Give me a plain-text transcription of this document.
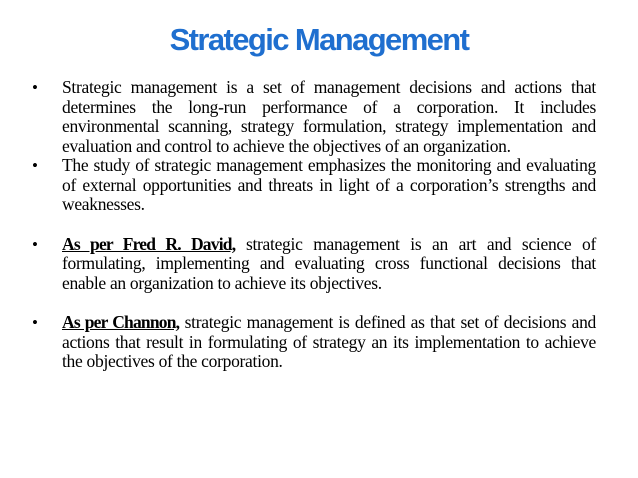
Strategic Management
• Strategic management is a set of management decisions and actions that determines the long-run performance of a corporation. It includes environmental scanning, strategy formulation, strategy implementation and evaluation and control to achieve the objectives of an organization.
• The study of strategic management emphasizes the monitoring and evaluating of external opportunities and threats in light of a corporation’s strengths and weaknesses.
• As per Fred R. David, strategic management is an art and science of formulating, implementing and evaluating cross functional decisions that enable an organization to achieve its objectives.
• As per Channon, strategic management is defined as that set of decisions and actions that result in formulating of strategy an its implementation to achieve the objectives of the corporation.
